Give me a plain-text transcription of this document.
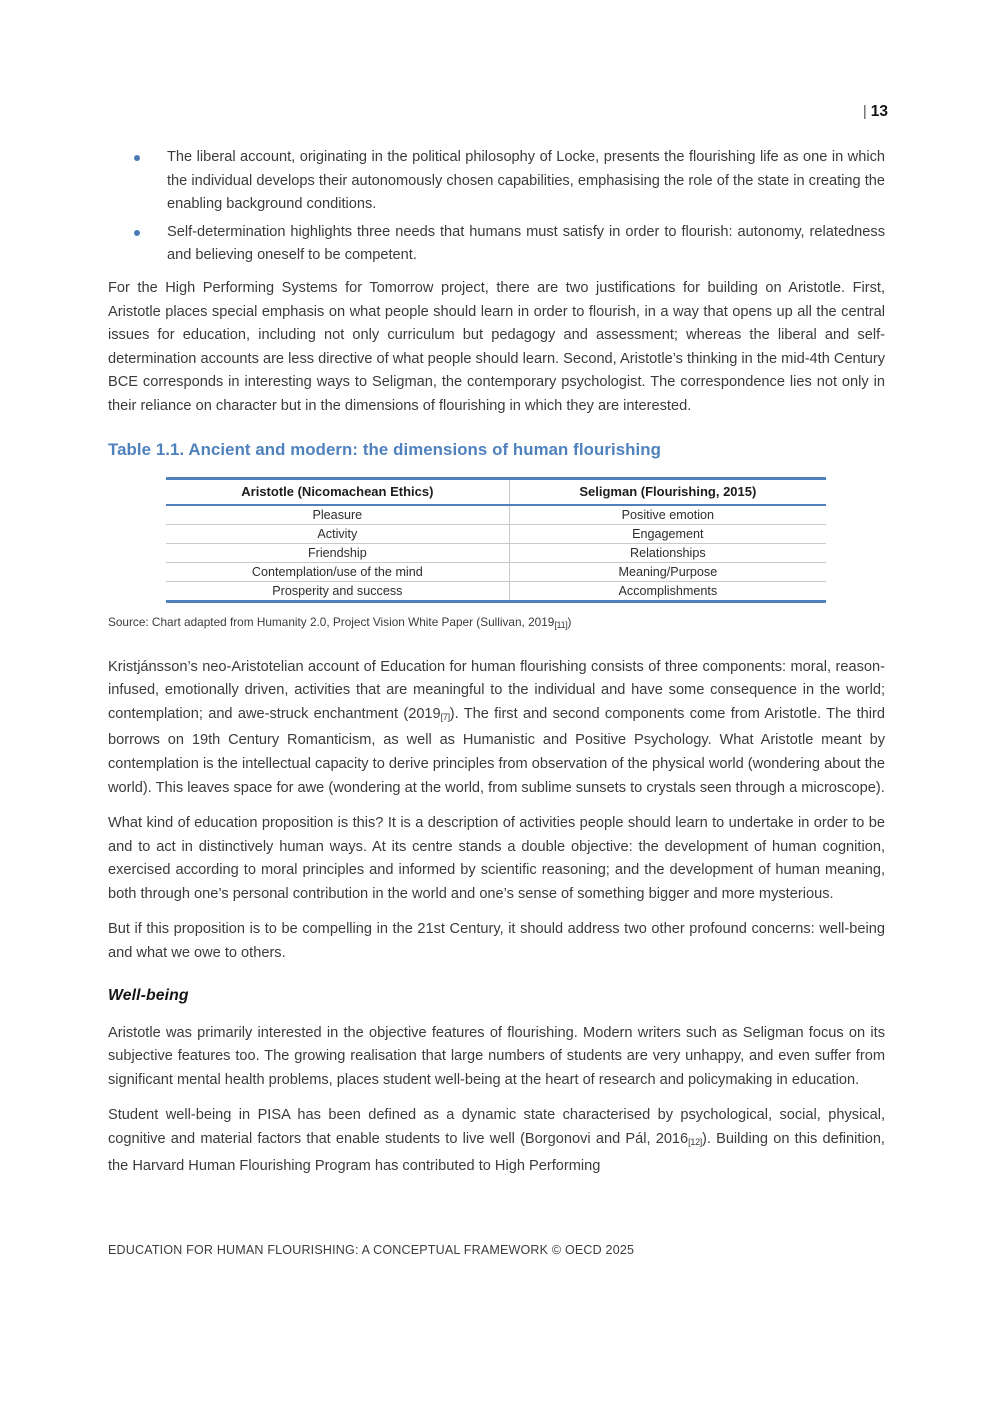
| 13
The liberal account, originating in the political philosophy of Locke, presents the flourishing life as one in which the individual develops their autonomously chosen capabilities, emphasising the role of the state in creating the enabling background conditions.
Self-determination highlights three needs that humans must satisfy in order to flourish: autonomy, relatedness and believing oneself to be competent.

For the High Performing Systems for Tomorrow project, there are two justifications for building on Aristotle. First, Aristotle places special emphasis on what people should learn in order to flourish, in a way that opens up all the central issues for education, including not only curriculum but pedagogy and assessment; whereas the liberal and self-determination accounts are less directive of what people should learn. Second, Aristotle’s thinking in the mid-4th Century BCE corresponds in interesting ways to Seligman, the contemporary psychologist. The correspondence lies not only in their reliance on character but in the dimensions of flourishing in which they are interested.

Table 1.1. Ancient and modern: the dimensions of human flourishing
Aristotle (Nicomachean Ethics)	Seligman (Flourishing, 2015)
Pleasure	Positive emotion
Activity	Engagement
Friendship	Relationships
Contemplation/use of the mind	Meaning/Purpose
Prosperity and success	Accomplishments

Source: Chart adapted from Humanity 2.0, Project Vision White Paper (Sullivan, $2019_{[11]}$)

Kristjánsson’s neo-Aristotelian account of Education for human flourishing consists of three components: moral, reason-infused, emotionally driven, activities that are meaningful to the individual and have some consequence in the world; contemplation; and awe-struck enchantment $(2019_{[7]})$. The first and second components come from Aristotle. The third borrows on 19th Century Romanticism, as well as Humanistic and Positive Psychology. What Aristotle meant by contemplation is the intellectual capacity to derive principles from observation of the physical world (wondering about the world). This leaves space for awe (wondering at the world, from sublime sunsets to crystals seen through a microscope).

What kind of education proposition is this? It is a description of activities people should learn to undertake in order to be and to act in distinctively human ways. At its centre stands a double objective: the development of human cognition, exercised according to moral principles and informed by scientific reasoning; and the development of human meaning, both through one’s personal contribution in the world and one’s sense of something bigger and more mysterious.

But if this proposition is to be compelling in the 21st Century, it should address two other profound concerns: well-being and what we owe to others.

Well-being

Aristotle was primarily interested in the objective features of flourishing. Modern writers such as Seligman focus on its subjective features too. The growing realisation that large numbers of students are very unhappy, and even suffer from significant mental health problems, places student well-being at the heart of research and policymaking in education.

Student well-being in PISA has been defined as a dynamic state characterised by psychological, social, physical, cognitive and material factors that enable students to live well (Borgonovi and Pál, $2016_{[12]}$). Building on this definition, the Harvard Human Flourishing Program has contributed to High Performing

EDUCATION FOR HUMAN FLOURISHING: A CONCEPTUAL FRAMEWORK © OECD 2025
